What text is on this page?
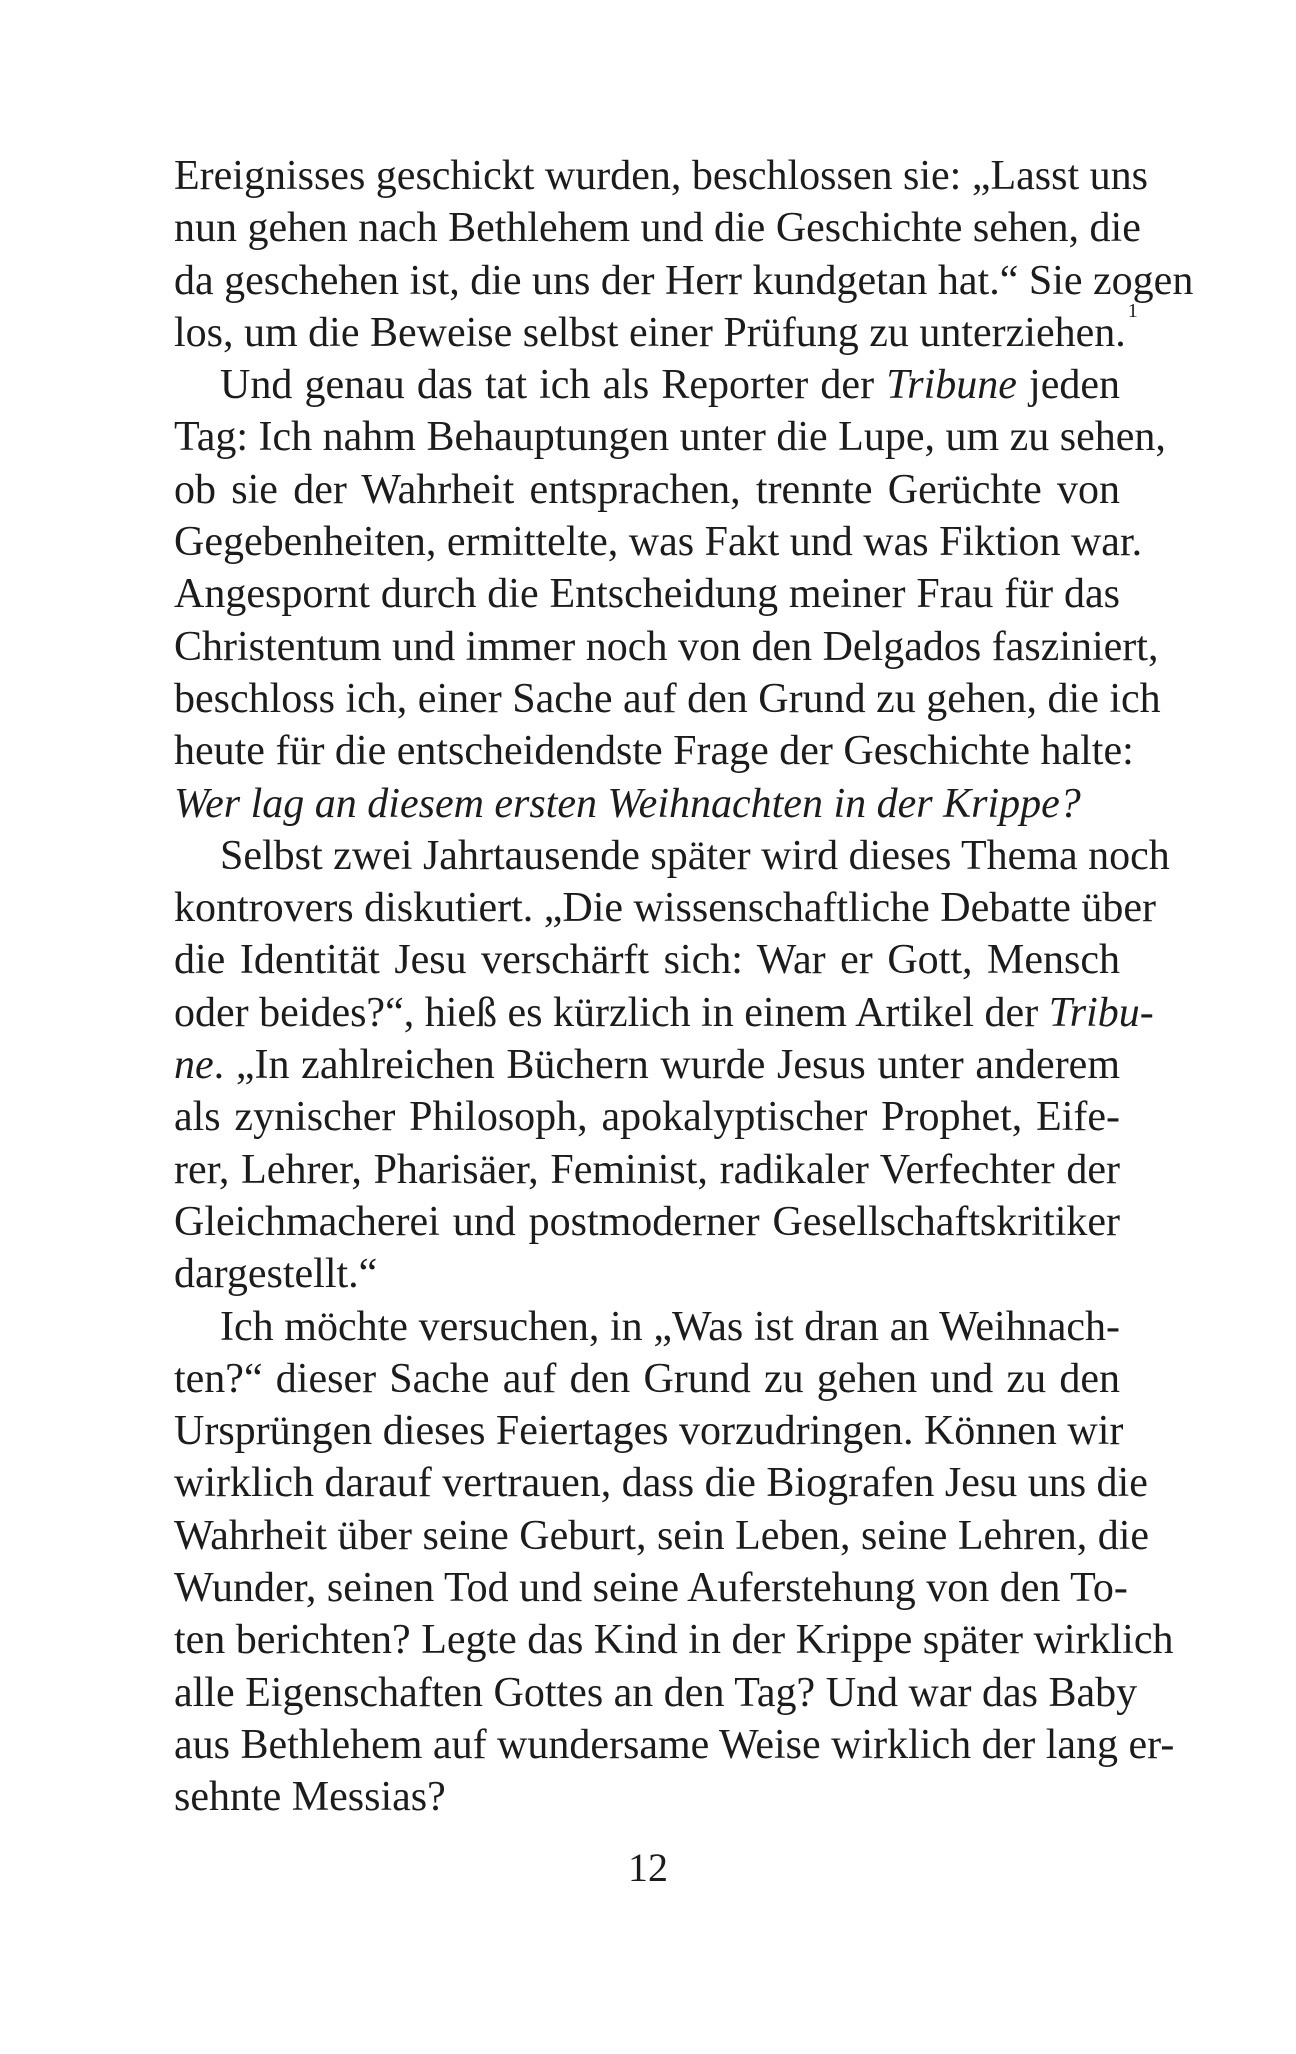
Ereignisses geschickt wurden, beschlossen sie: „Lasst uns
nun gehen nach Bethlehem und die Geschichte sehen, die
da geschehen ist, die uns der Herr kundgetan hat.“ Sie zogen
los, um die Beweise selbst einer Prüfung zu unterziehen. $^1$
Und genau das tat ich als Reporter der Tribune jeden
Tag: Ich nahm Behauptungen unter die Lupe, um zu sehen,
ob sie der Wahrheit entsprachen, trennte Gerüchte von
Gegebenheiten, ermittelte, was Fakt und was Fiktion war.
Angespornt durch die Entscheidung meiner Frau für das
Christentum und immer noch von den Delgados fasziniert,
beschloss ich, einer Sache auf den Grund zu gehen, die ich
heute für die entscheidendste Frage der Geschichte halte:
Wer lag an diesem ersten Weihnachten in der Krippe?
Selbst zwei Jahrtausende später wird dieses Thema noch
kontrovers diskutiert. „Die wissenschaftliche Debatte über
die Identität Jesu verschärft sich: War er Gott, Mensch
oder beides?“, hieß es kürzlich in einem Artikel der Tribu-
ne. „In zahlreichen Büchern wurde Jesus unter anderem
als zynischer Philosoph, apokalyptischer Prophet, Eife-
rer, Lehrer, Pharisäer, Feminist, radikaler Verfechter der
Gleichmacherei und postmoderner Gesellschaftskritiker
dargestellt.“
Ich möchte versuchen, in „Was ist dran an Weihnach-
ten?“ dieser Sache auf den Grund zu gehen und zu den
Ursprüngen dieses Feiertages vorzudringen. Können wir
wirklich darauf vertrauen, dass die Biografen Jesu uns die
Wahrheit über seine Geburt, sein Leben, seine Lehren, die
Wunder, seinen Tod und seine Auferstehung von den To-
ten berichten? Legte das Kind in der Krippe später wirklich
alle Eigenschaften Gottes an den Tag? Und war das Baby
aus Bethlehem auf wundersame Weise wirklich der lang er-
sehnte Messias?
12
